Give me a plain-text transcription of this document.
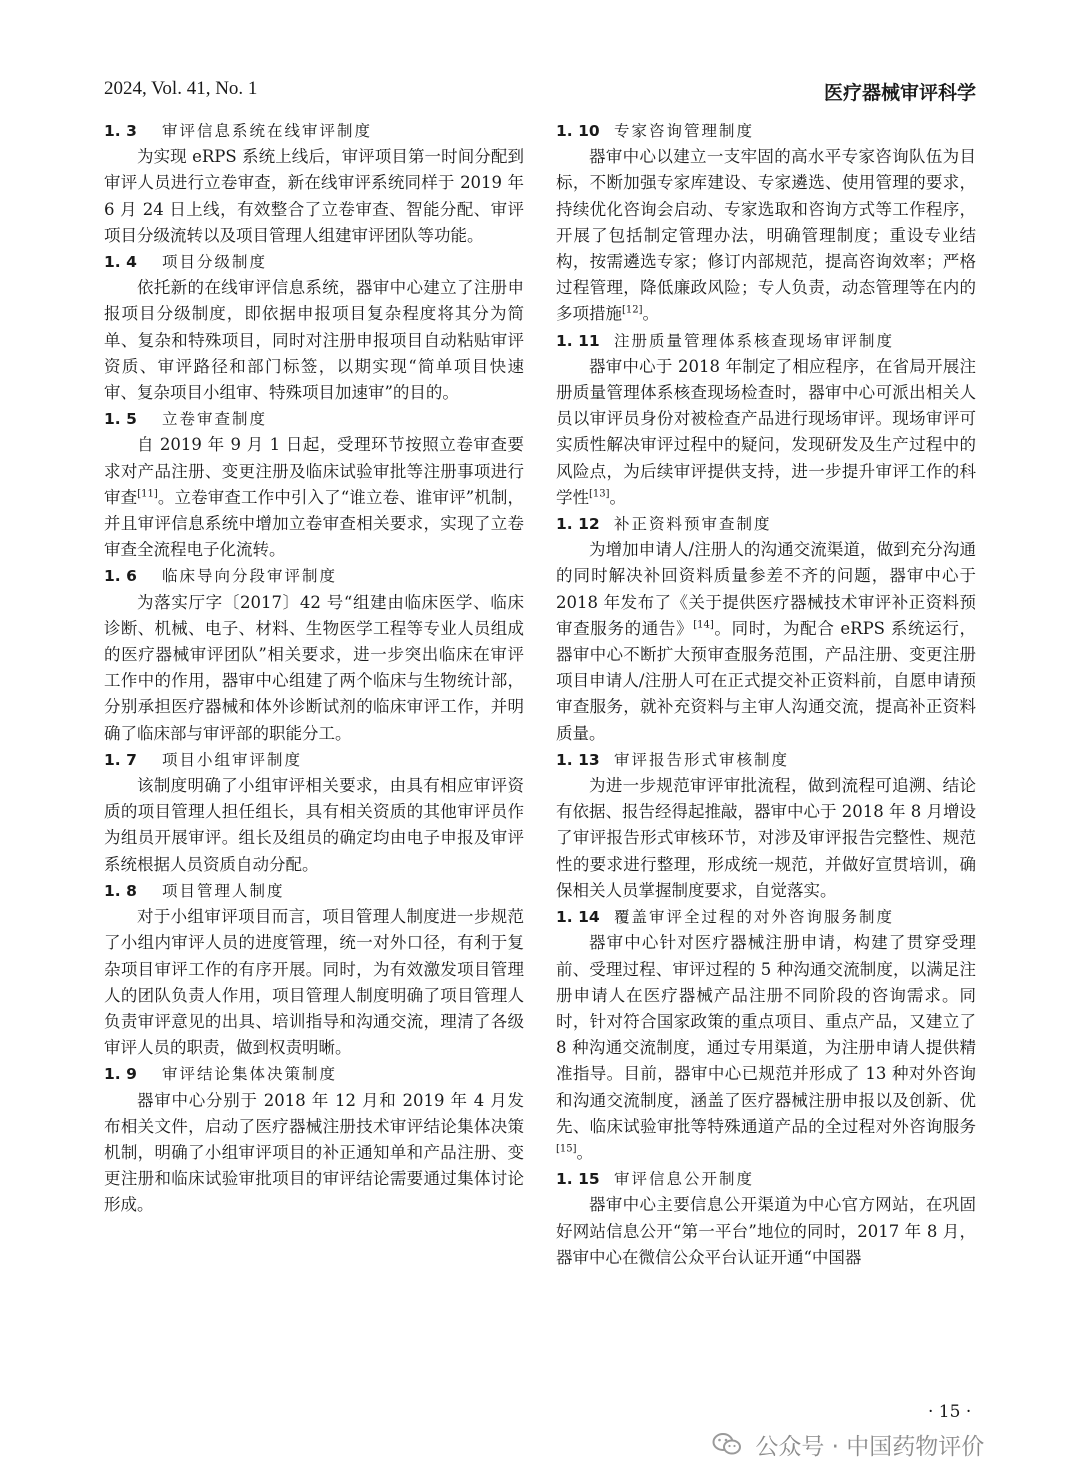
2024, Vol. 41, No. 1	医疗器械审评科学
1. 3 审评信息系统在线审评制度

为实现 eRPS 系统上线后，审评项目第一时间分配到审评人员进行立卷审查，新在线审评系统同样于 2019 年 6 月 24 日上线，有效整合了立卷审查、智能分配、审评项目分级流转以及项目管理人组建审评团队等功能。

1. 4 项目分级制度

依托新的在线审评信息系统，器审中心建立了注册申报项目分级制度，即依据申报项目复杂程度将其分为简单、复杂和特殊项目，同时对注册申报项目自动粘贴审评资质、审评路径和部门标签，以期实现“简单项目快速审、复杂项目小组审、特殊项目加速审”的目的。

1. 5 立卷审查制度

自 2019 年 9 月 1 日起，受理环节按照立卷审查要求对产品注册、变更注册及临床试验审批等注册事项进行审查[11]。立卷审查工作中引入了“谁立卷、谁审评”机制，并且审评信息系统中增加立卷审查相关要求，实现了立卷审查全流程电子化流转。

1. 6 临床导向分段审评制度

为落实厅字〔2017〕42 号“组建由临床医学、临床诊断、机械、电子、材料、生物医学工程等专业人员组成的医疗器械审评团队”相关要求，进一步突出临床在审评工作中的作用，器审中心组建了两个临床与生物统计部，分别承担医疗器械和体外诊断试剂的临床审评工作，并明确了临床部与审评部的职能分工。

1. 7 项目小组审评制度

该制度明确了小组审评相关要求，由具有相应审评资质的项目管理人担任组长，具有相关资质的其他审评员作为组员开展审评。组长及组员的确定均由电子申报及审评系统根据人员资质自动分配。

1. 8 项目管理人制度

对于小组审评项目而言，项目管理人制度进一步规范了小组内审评人员的进度管理，统一对外口径，有利于复杂项目审评工作的有序开展。同时，为有效激发项目管理人的团队负责人作用，项目管理人制度明确了项目管理人负责审评意见的出具、培训指导和沟通交流，理清了各级审评人员的职责，做到权责明晰。

1. 9 审评结论集体决策制度

器审中心分别于 2018 年 12 月和 2019 年 4 月发布相关文件，启动了医疗器械注册技术审评结论集体决策机制，明确了小组审评项目的补正通知单和产品注册、变更注册和临床试验审批项目的审评结论需要通过集体讨论形成。

1. 10 专家咨询管理制度

器审中心以建立一支牢固的高水平专家咨询队伍为目标，不断加强专家库建设、专家遴选、使用管理的要求，持续优化咨询会启动、专家选取和咨询方式等工作程序，开展了包括制定管理办法，明确管理制度；重设专业结构，按需遴选专家；修订内部规范，提高咨询效率；严格过程管理，降低廉政风险；专人负责，动态管理等在内的多项措施[12]。

1. 11 注册质量管理体系核查现场审评制度

器审中心于 2018 年制定了相应程序，在省局开展注册质量管理体系核查现场检查时，器审中心可派出相关人员以审评员身份对被检查产品进行现场审评。现场审评可实质性解决审评过程中的疑问，发现研发及生产过程中的风险点，为后续审评提供支持，进一步提升审评工作的科学性[13]。

1. 12 补正资料预审查制度

为增加申请人/注册人的沟通交流渠道，做到充分沟通的同时解决补回资料质量参差不齐的问题，器审中心于 2018 年发布了《关于提供医疗器械技术审评补正资料预审查服务的通告》[14]。同时，为配合 eRPS 系统运行，器审中心不断扩大预审查服务范围，产品注册、变更注册项目申请人/注册人可在正式提交补正资料前，自愿申请预审查服务，就补充资料与主审人沟通交流，提高补正资料质量。

1. 13 审评报告形式审核制度

为进一步规范审评审批流程，做到流程可追溯、结论有依据、报告经得起推敲，器审中心于 2018 年 8 月增设了审评报告形式审核环节，对涉及审评报告完整性、规范性的要求进行整理，形成统一规范，并做好宣贯培训，确保相关人员掌握制度要求，自觉落实。

1. 14 覆盖审评全过程的对外咨询服务制度

器审中心针对医疗器械注册申请，构建了贯穿受理前、受理过程、审评过程的 5 种沟通交流制度，以满足注册申请人在医疗器械产品注册不同阶段的咨询需求。同时，针对符合国家政策的重点项目、重点产品，又建立了 8 种沟通交流制度，通过专用渠道，为注册申请人提供精准指导。目前，器审中心已规范并形成了 13 种对外咨询和沟通交流制度，涵盖了医疗器械注册申报以及创新、优先、临床试验审批等特殊通道产品的全过程对外咨询服务[15]。

1. 15 审评信息公开制度

器审中心主要信息公开渠道为中心官方网站，在巩固好网站信息公开“第一平台”地位的同时，2017 年 8 月，器审中心在微信公众平台认证开通“中国器

· 15 ·
公众号 · 中国药物评价
